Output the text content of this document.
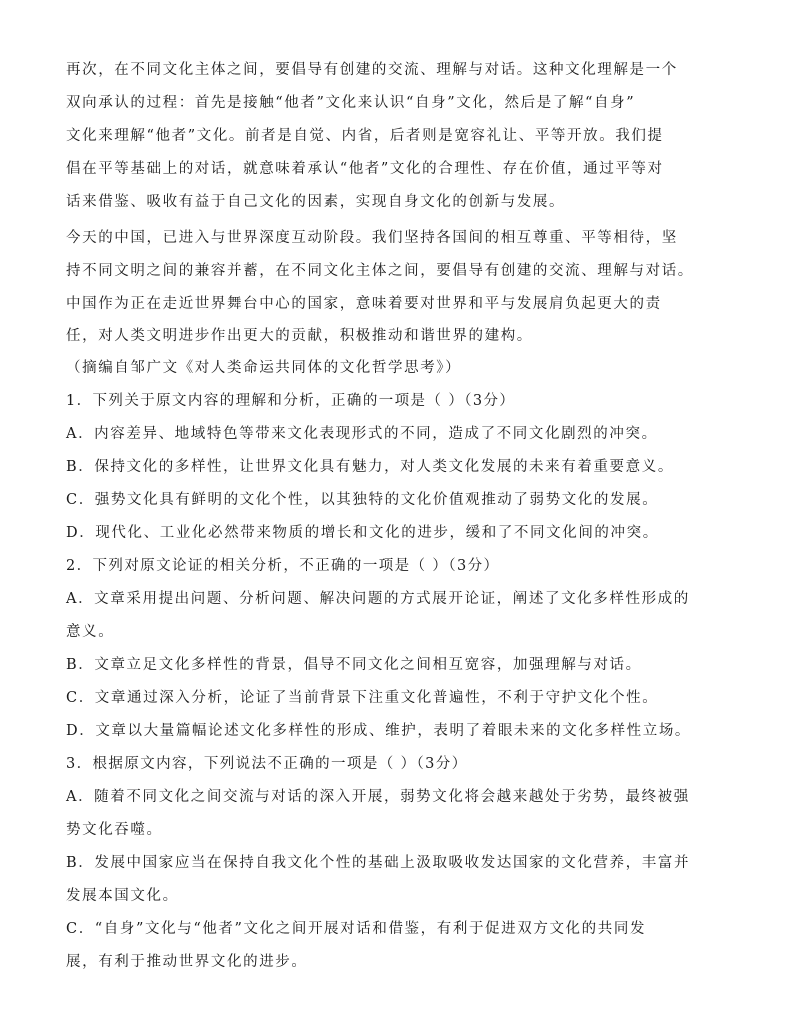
再次，在不同文化主体之间，要倡导有创建的交流、理解与对话。这种文化理解是一个
双向承认的过程：首先是接触“他者”文化来认识“自身”文化，然后是了解“自身”
文化来理解“他者”文化。前者是自觉、内省，后者则是宽容礼让、平等开放。我们提
倡在平等基础上的对话，就意味着承认“他者”文化的合理性、存在价值，通过平等对
话来借鉴、吸收有益于自己文化的因素，实现自身文化的创新与发展。
今天的中国，已进入与世界深度互动阶段。我们坚持各国间的相互尊重、平等相待，坚
持不同文明之间的兼容并蓄，在不同文化主体之间，要倡导有创建的交流、理解与对话。
中国作为正在走近世界舞台中心的国家，意味着要对世界和平与发展肩负起更大的责
任，对人类文明进步作出更大的贡献，积极推动和谐世界的建构。
（摘编自邹广文《对人类命运共同体的文化哲学思考》）
1．下列关于原文内容的理解和分析，正确的一项是（ ）（3分）
A．内容差异、地域特色等带来文化表现形式的不同，造成了不同文化剧烈的冲突。
B．保持文化的多样性，让世界文化具有魅力，对人类文化发展的未来有着重要意义。
C．强势文化具有鲜明的文化个性，以其独特的文化价值观推动了弱势文化的发展。
D．现代化、工业化必然带来物质的增长和文化的进步，缓和了不同文化间的冲突。
2．下列对原文论证的相关分析，不正确的一项是（ ）（3分）
A．文章采用提出问题、分析问题、解决问题的方式展开论证，阐述了文化多样性形成的
意义。
B．文章立足文化多样性的背景，倡导不同文化之间相互宽容，加强理解与对话。
C．文章通过深入分析，论证了当前背景下注重文化普遍性，不利于守护文化个性。
D．文章以大量篇幅论述文化多样性的形成、维护，表明了着眼未来的文化多样性立场。
3．根据原文内容，下列说法不正确的一项是（ ）（3分）
A．随着不同文化之间交流与对话的深入开展，弱势文化将会越来越处于劣势，最终被强
势文化吞噬。
B．发展中国家应当在保持自我文化个性的基础上汲取吸收发达国家的文化营养，丰富并
发展本国文化。
C．“自身”文化与“他者”文化之间开展对话和借鉴，有利于促进双方文化的共同发
展，有利于推动世界文化的进步。
